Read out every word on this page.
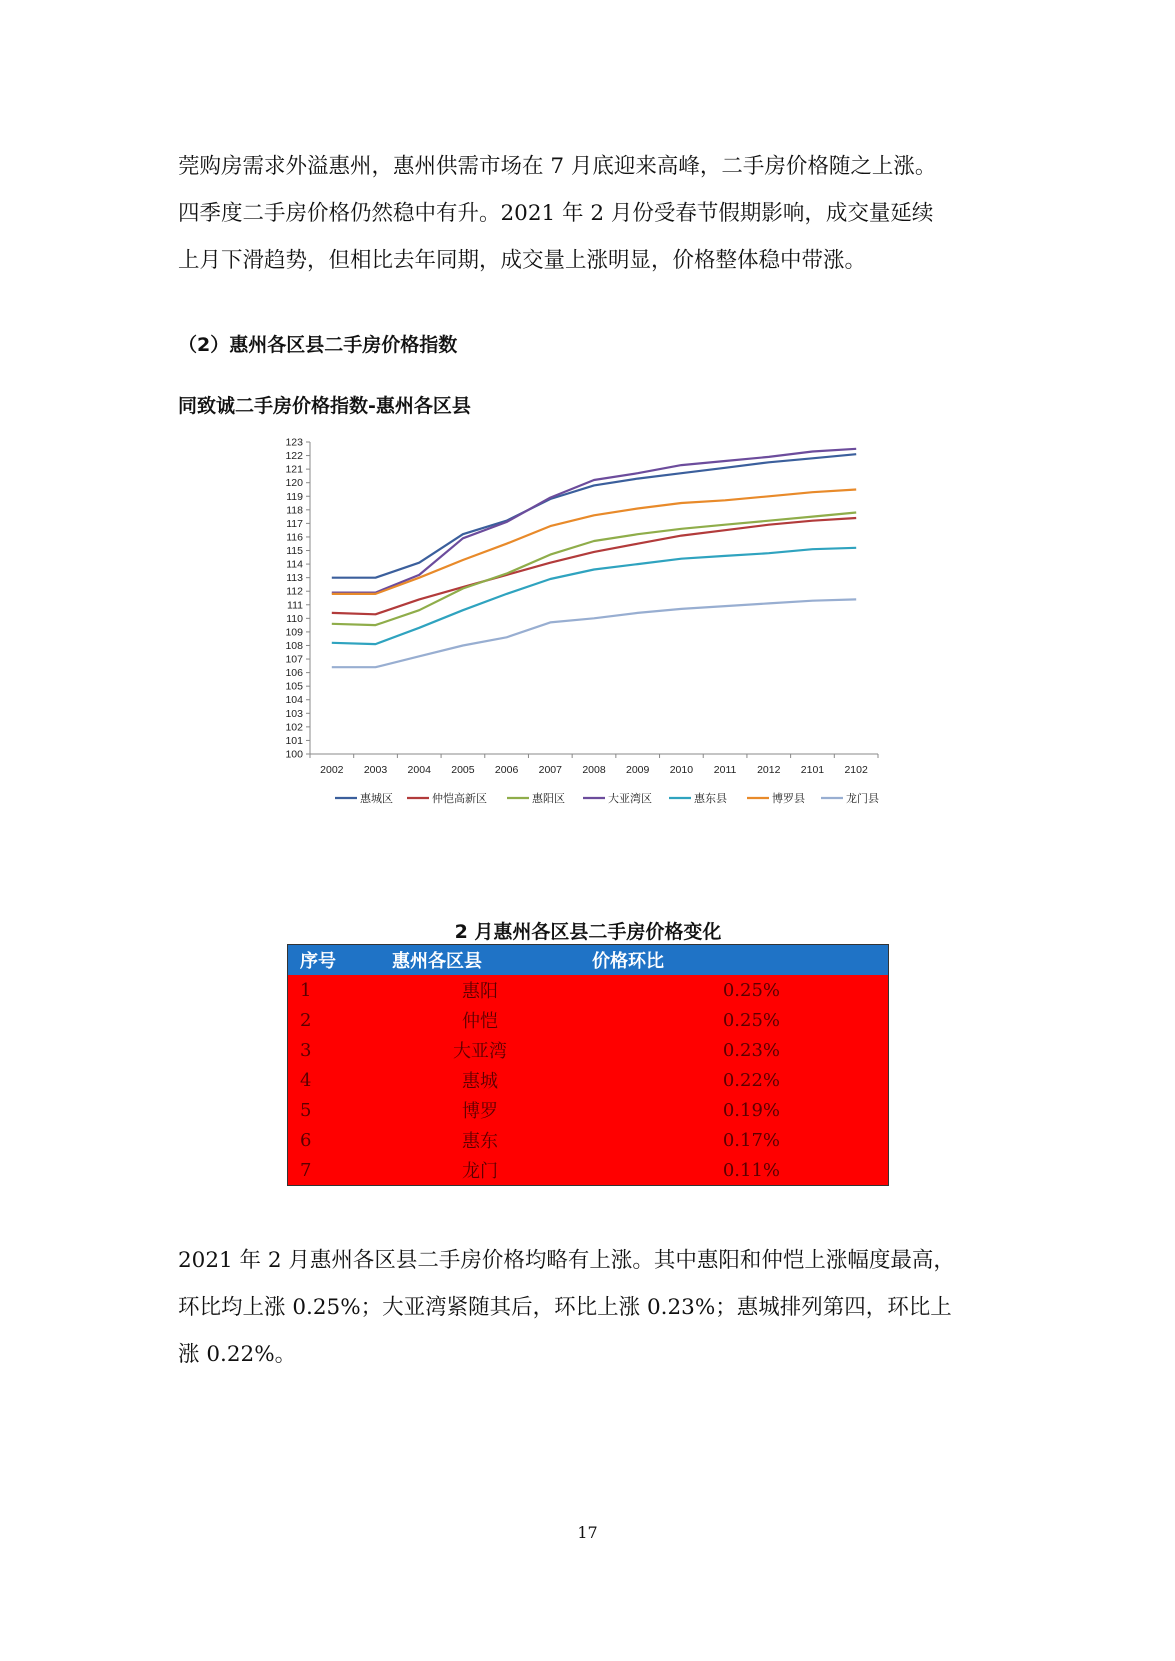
莞购房需求外溢惠州，惠州供需市场在 7 月底迎来高峰，二手房价格随之上涨。

四季度二手房价格仍然稳中有升。2021 年 2 月份受春节假期影响，成交量延续

上月下滑趋势，但相比去年同期，成交量上涨明显，价格整体稳中带涨。

（2）惠州各区县二手房价格指数

同致诚二手房价格指数-惠州各区县

100
101
102
103
104
105
106
107
108
109
110
111
112
113
114
115
116
117
118
119
120
121
122
123
2002 2003 2004 2005 2006 2007 2008 2009 2010 2011 2012 2101 2102
惠城区	仲恺高新区	惠阳区	大亚湾区	惠东县	博罗县	龙门县

2 月惠州各区县二手房价格变化

序号	惠州各区县	价格环比
1	惠阳	0.25%
2	仲恺	0.25%
3	大亚湾	0.23%
4	惠城	0.22%
5	博罗	0.19%
6	惠东	0.17%
7	龙门	0.11%

2021 年 2 月惠州各区县二手房价格均略有上涨。其中惠阳和仲恺上涨幅度最高，

环比均上涨 0.25%；大亚湾紧随其后，环比上涨 0.23%；惠城排列第四，环比上

涨 0.22%。

17
